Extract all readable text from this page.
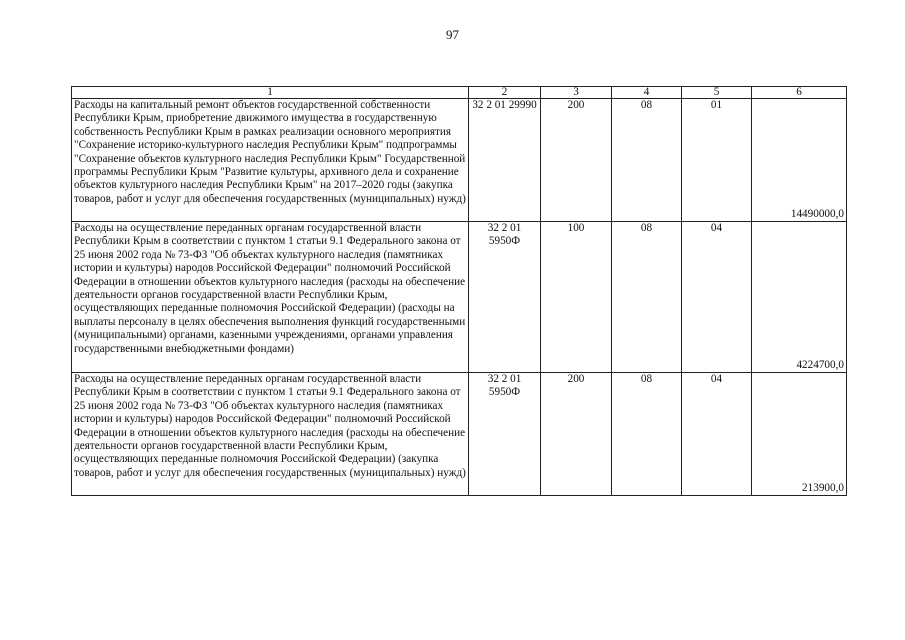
97
1	2	3	4	5	6

Расходы на капитальный ремонт объектов государственной собственности Республики Крым, приобретение движимого имущества в государственную собственность Республики Крым в рамках реализации основного мероприятия "Сохранение историко-культурного наследия Республики Крым" подпрограммы "Сохранение объектов культурного наследия Республики Крым" Государственной программы Республики Крым "Развитие культуры, архивного дела и сохранение объектов культурного наследия Республики Крым" на 2017–2020 годы (закупка товаров, работ и услуг для обеспечения государственных (муниципальных) нужд)	32 2 01 29990	200	08	01	14490000,0

Расходы на осуществление переданных органам государственной власти Республики Крым в соответствии с пунктом 1 статьи 9.1 Федерального закона от 25 июня 2002 года № 73-ФЗ "Об объектах культурного наследия (памятниках истории и культуры) народов Российской Федерации" полномочий Российской Федерации в отношении объектов культурного наследия (расходы на обеспечение деятельности органов государственной власти Республики Крым, осуществляющих переданные полномочия Российской Федерации) (расходы на выплаты персоналу в целях обеспечения выполнения функций государственными (муниципальными) органами, казенными учреждениями, органами управления государственными внебюджетными фондами)	32 2 01 5950Ф	100	08	04	4224700,0

Расходы на осуществление переданных органам государственной власти Республики Крым в соответствии с пунктом 1 статьи 9.1 Федерального закона от 25 июня 2002 года № 73-ФЗ "Об объектах культурного наследия (памятниках истории и культуры) народов Российской Федерации" полномочий Российской Федерации в отношении объектов культурного наследия (расходы на обеспечение деятельности органов государственной власти Республики Крым, осуществляющих переданные полномочия Российской Федерации) (закупка товаров, работ и услуг для обеспечения государственных (муниципальных) нужд)	32 2 01 5950Ф	200	08	04	213900,0
